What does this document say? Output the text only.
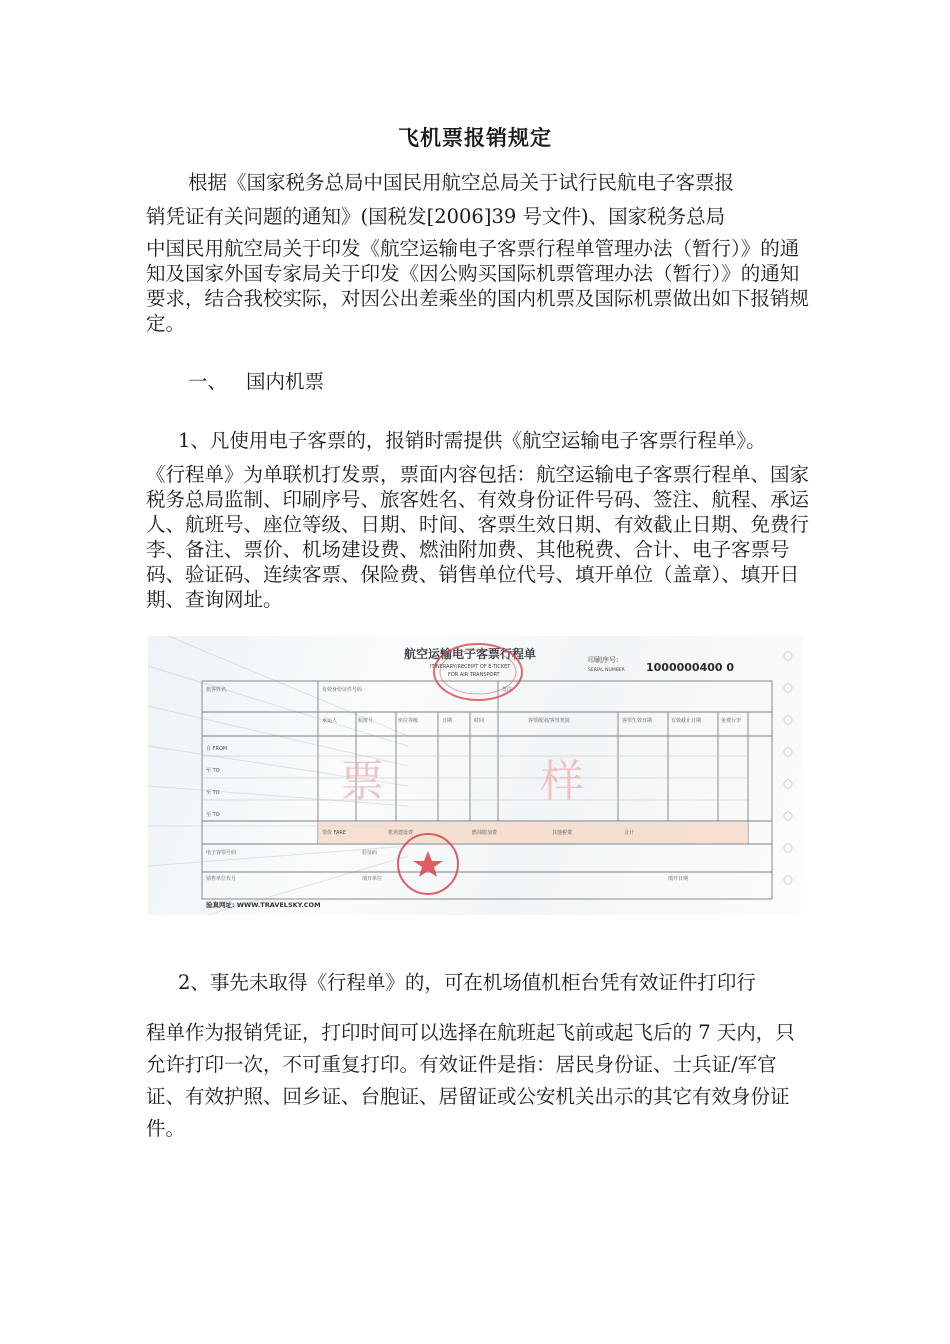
飞机票报销规定

根据《国家税务总局中国民用航空总局关于试行民航电子客票报
销凭证有关问题的通知》(国税发[2006]39 号文件)、国家税务总局
中国民用航空局关于印发《航空运输电子客票行程单管理办法（暂行）》的通知及国家外国专家局关于印发《因公购买国际机票管理办法（暂行）》的通知要求，结合我校实际，对因公出差乘坐的国内机票及国际机票做出如下报销规定。

一、 国内机票

1、凡使用电子客票的，报销时需提供《航空运输电子客票行程单》。

《行程单》为单联机打发票，票面内容包括：航空运输电子客票行程单、国家税务总局监制、印刷序号、旅客姓名、有效身份证件号码、签注、航程、承运人、航班号、座位等级、日期、时间、客票生效日期、有效截止日期、免费行李、备注、票价、机场建设费、燃油附加费、其他税费、合计、电子客票号码、验证码、连续客票、保险费、销售单位代号、填开单位（盖章）、填开日期、查询网址。

航空运输电子客票行程单
ITINERARY/RECEIPT OF E-TICKET
FOR AIR TRANSPORT
印刷序号:
SERIAL NUMBER 1000000400 0
旅客姓名	有效身份证件号码	签注
承运人	航班号	座位等级	日期	时间	客票级别/客票类别	客票生效日期	有效截止日期	免费行李
自 FROM
至 TO
至 TO
至 TO
票价 FARE	机场建设费	燃油附加费	其他税费	合计
电子客票号码	验证码
销售单位代号	填开单位	填开日期
验真网址: WWW.TRAVELSKY.COM
票	样

2、事先未取得《行程单》的，可在机场值机柜台凭有效证件打印行

程单作为报销凭证，打印时间可以选择在航班起飞前或起飞后的 7 天内，只允许打印一次，不可重复打印。有效证件是指：居民身份证、士兵证/军官证、有效护照、回乡证、台胞证、居留证或公安机关出示的其它有效身份证件。
